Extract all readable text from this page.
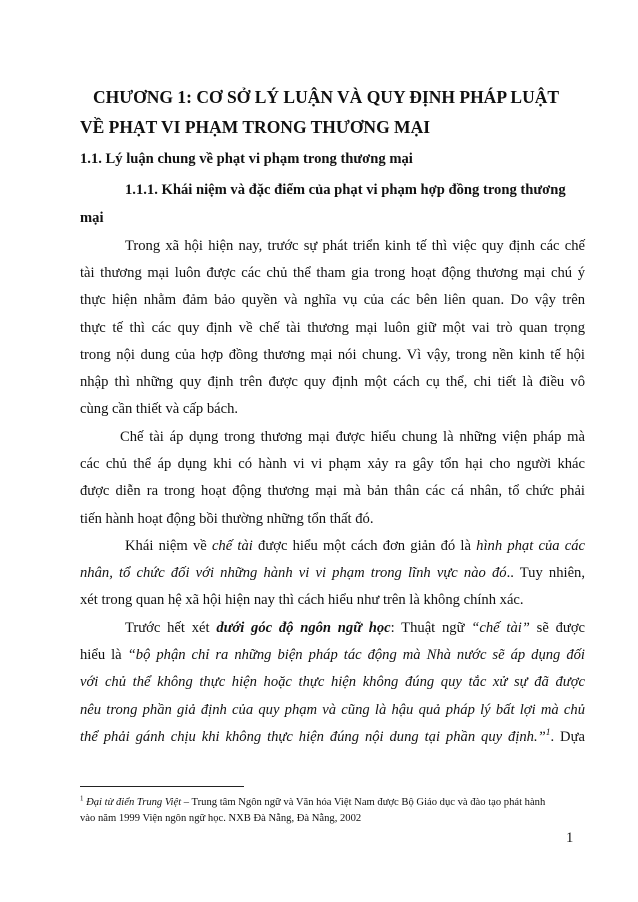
CHƯƠNG 1: CƠ SỞ LÝ LUẬN VÀ QUY ĐỊNH PHÁP LUẬT
VỀ PHẠT VI PHẠM TRONG THƯƠNG MẠI
1.1. Lý luận chung về phạt vi phạm trong thương mại
1.1.1. Khái niệm và đặc điểm của phạt vi phạm hợp đồng trong thương
mại
Trong xã hội hiện nay, trước sự phát triển kinh tế thì việc quy định các chế
tài thương mại luôn được các chủ thể tham gia trong hoạt động thương mại chú ý
thực hiện nhằm đảm bảo quyền và nghĩa vụ của các bên liên quan. Do vậy trên
thực tế thì các quy định về chế tài thương mại luôn giữ một vai trò quan trọng
trong nội dung của hợp đồng thương mại nói chung. Vì vậy, trong nền kinh tế hội
nhập thì những quy định trên được quy định một cách cụ thể, chi tiết là điều vô
cùng cần thiết và cấp bách.
Chế tài áp dụng trong thương mại được hiểu chung là những viện pháp mà
các chủ thể áp dụng khi có hành vi vi phạm xảy ra gây tổn hại cho người khác
được diễn ra trong hoạt động thương mại mà bản thân các cá nhân, tổ chức phải
tiến hành hoạt động bồi thường những tổn thất đó.
Khái niệm về chế tài được hiểu một cách đơn giản đó là hình phạt của các
nhân, tổ chức đối với những hành vi vi phạm trong lĩnh vực nào đó.. Tuy nhiên,
xét trong quan hệ xã hội hiện nay thì cách hiểu như trên là không chính xác.
Trước hết xét dưới góc độ ngôn ngữ học: Thuật ngữ “chế tài” sẽ được
hiểu là “bộ phận chỉ ra những biện pháp tác động mà Nhà nước sẽ áp dụng đối
với chủ thể không thực hiện hoặc thực hiện không đúng quy tắc xử sự đã được
nêu trong phần giả định của quy phạm và cũng là hậu quả pháp lý bất lợi mà chủ
thể phải gánh chịu khi không thực hiện đúng nội dung tại phần quy định.”$^1$. Dựa
$^1$ Đại từ điển Trung Việt – Trung tâm Ngôn ngữ và Văn hóa Việt Nam được Bộ Giáo dục và đào tạo phát hành
vào năm 1999 Viện ngôn ngữ học. NXB Đà Nẵng, Đà Nẵng, 2002
1
